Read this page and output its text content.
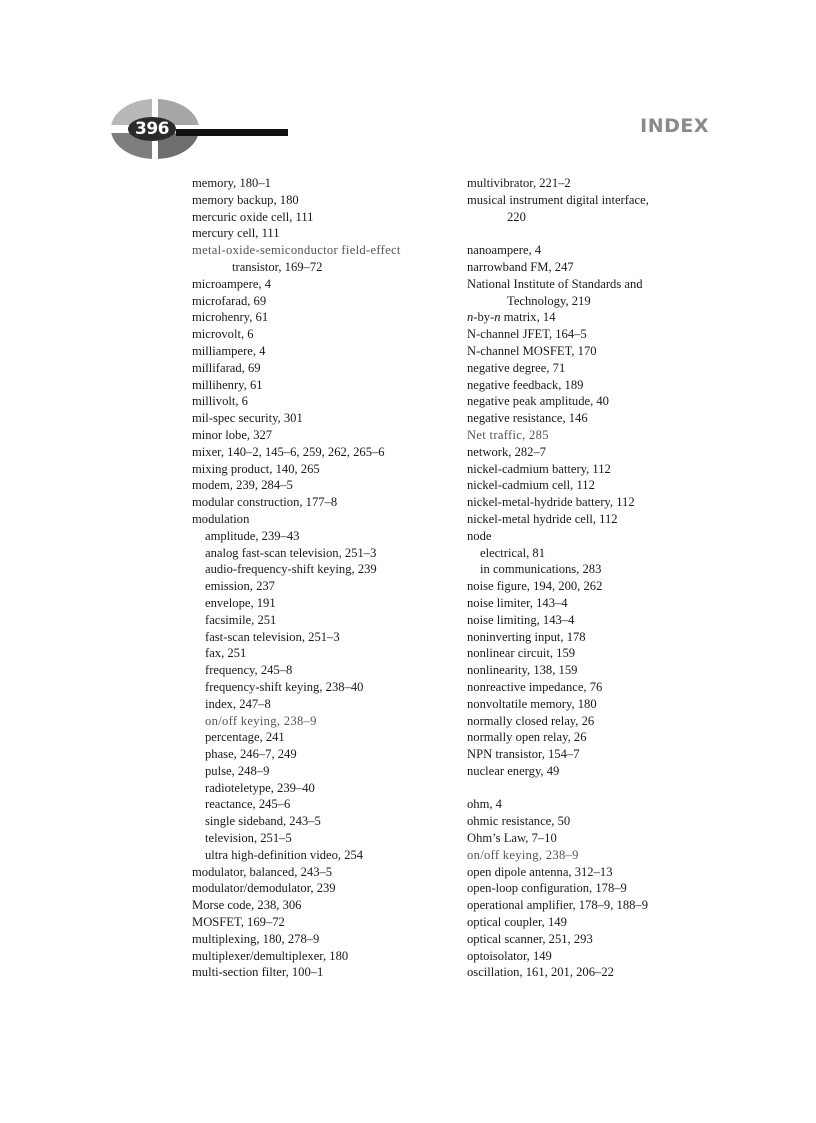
396	INDEX
memory, 180–1
memory backup, 180
mercuric oxide cell, 111
mercury cell, 111
metal-oxide-semiconductor field-effect
transistor, 169–72
microampere, 4
microfarad, 69
microhenry, 61
microvolt, 6
milliampere, 4
millifarad, 69
millihenry, 61
millivolt, 6
mil-spec security, 301
minor lobe, 327
mixer, 140–2, 145–6, 259, 262, 265–6
mixing product, 140, 265
modem, 239, 284–5
modular construction, 177–8
modulation
amplitude, 239–43
analog fast-scan television, 251–3
audio-frequency-shift keying, 239
emission, 237
envelope, 191
facsimile, 251
fast-scan television, 251–3
fax, 251
frequency, 245–8
frequency-shift keying, 238–40
index, 247–8
on/off keying, 238–9
percentage, 241
phase, 246–7, 249
pulse, 248–9
radioteletype, 239–40
reactance, 245–6
single sideband, 243–5
television, 251–5
ultra high-definition video, 254
modulator, balanced, 243–5
modulator/demodulator, 239
Morse code, 238, 306
MOSFET, 169–72
multiplexing, 180, 278–9
multiplexer/demultiplexer, 180
multi-section filter, 100–1
multivibrator, 221–2
musical instrument digital interface,
220
nanoampere, 4
narrowband FM, 247
National Institute of Standards and
Technology, 219
n-by-n matrix, 14
N-channel JFET, 164–5
N-channel MOSFET, 170
negative degree, 71
negative feedback, 189
negative peak amplitude, 40
negative resistance, 146
Net traffic, 285
network, 282–7
nickel-cadmium battery, 112
nickel-cadmium cell, 112
nickel-metal-hydride battery, 112
nickel-metal hydride cell, 112
node
electrical, 81
in communications, 283
noise figure, 194, 200, 262
noise limiter, 143–4
noise limiting, 143–4
noninverting input, 178
nonlinear circuit, 159
nonlinearity, 138, 159
nonreactive impedance, 76
nonvoltatile memory, 180
normally closed relay, 26
normally open relay, 26
NPN transistor, 154–7
nuclear energy, 49
ohm, 4
ohmic resistance, 50
Ohm’s Law, 7–10
on/off keying, 238–9
open dipole antenna, 312–13
open-loop configuration, 178–9
operational amplifier, 178–9, 188–9
optical coupler, 149
optical scanner, 251, 293
optoisolator, 149
oscillation, 161, 201, 206–22
